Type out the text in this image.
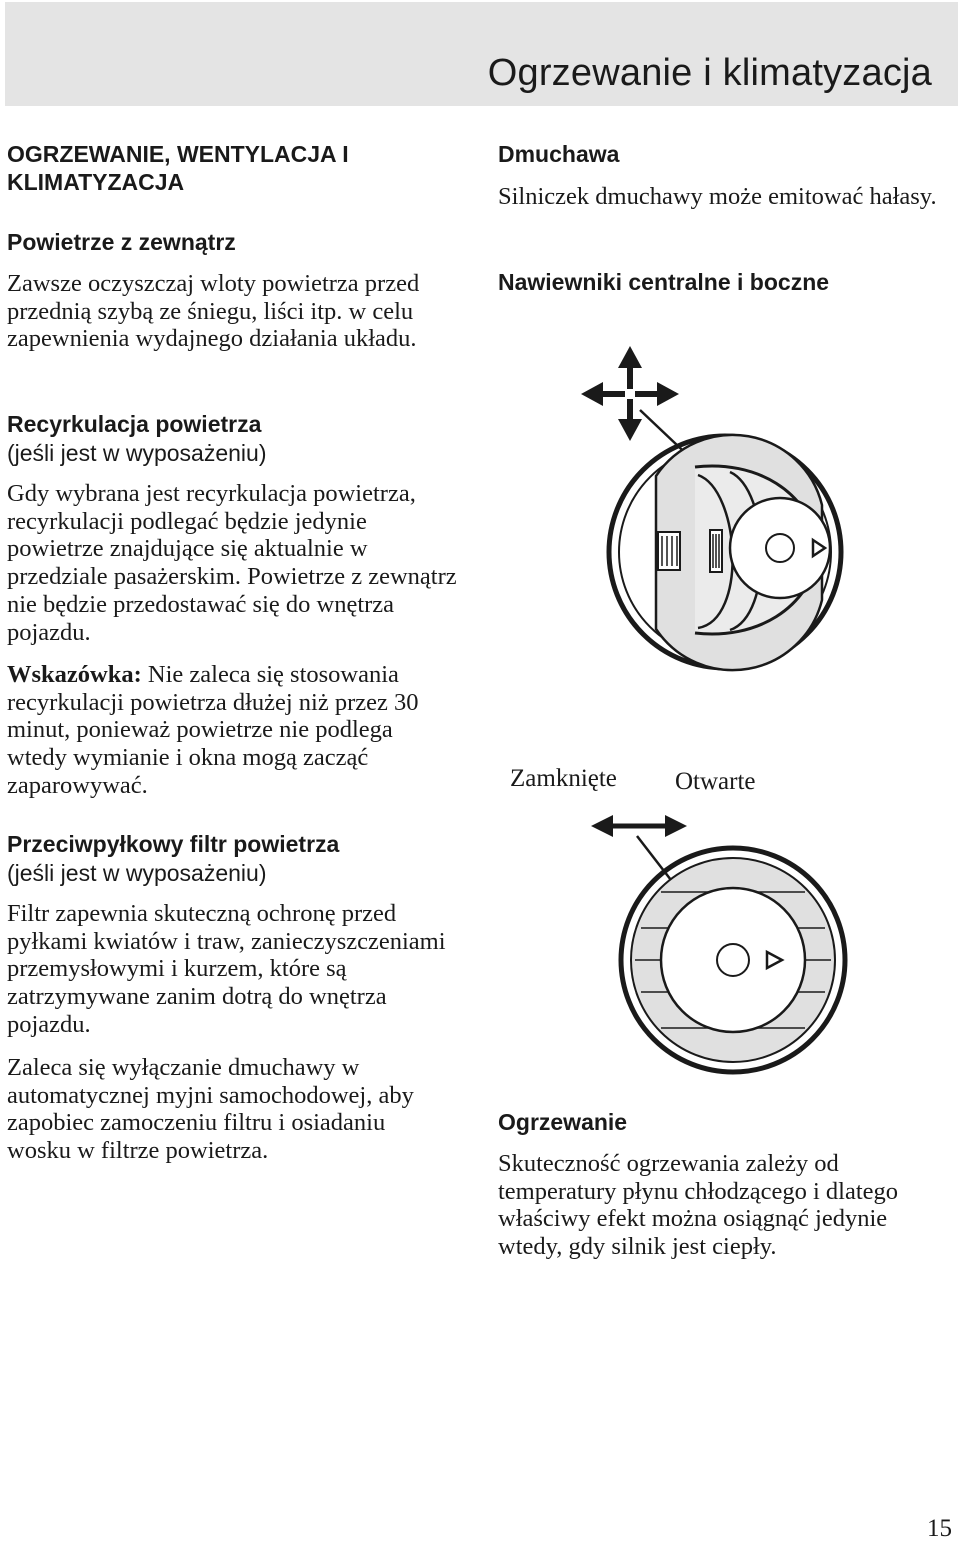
Ogrzewanie i klimatyzacja
OGRZEWANIE, WENTYLACJA I KLIMATYZACJA
Powietrze z zewnątrz

Zawsze oczyszczaj wloty powietrza przed przednią szybą ze śniegu, liści itp. w celu zapewnienia wydajnego działania układu.

Recyrkulacja powietrza
(jeśli jest w wyposażeniu)

Gdy wybrana jest recyrkulacja powietrza, recyrkulacji podlegać będzie jedynie powietrze znajdujące się aktualnie w przedziale pasażerskim. Powietrze z zewnątrz nie będzie przedostawać się do wnętrza pojazdu.

Wskazówka: Nie zaleca się stosowania recyrkulacji powietrza dłużej niż przez 30 minut, ponieważ powietrze nie podlega wtedy wymianie i okna mogą zacząć zaparowywać.

Przeciwpyłkowy filtr powietrza
(jeśli jest w wyposażeniu)

Filtr zapewnia skuteczną ochronę przed pyłkami kwiatów i traw, zanieczyszczeniami przemysłowymi i kurzem, które są zatrzymywane zanim dotrą do wnętrza pojazdu.

Zaleca się wyłączanie dmuchawy w automatycznej myjni samochodowej, aby zapobiec zamoczeniu filtru i osiadaniu wosku w filtrze powietrza.

Dmuchawa

Silniczek dmuchawy może emitować hałasy.

Nawiewniki centralne i boczne
Ogrzewanie

Skuteczność ogrzewania zależy od temperatury płynu chłodzącego i dlatego właściwy efekt można osiągnąć jedynie wtedy, gdy silnik jest ciepły.

Zamknięte Otwarte
15
